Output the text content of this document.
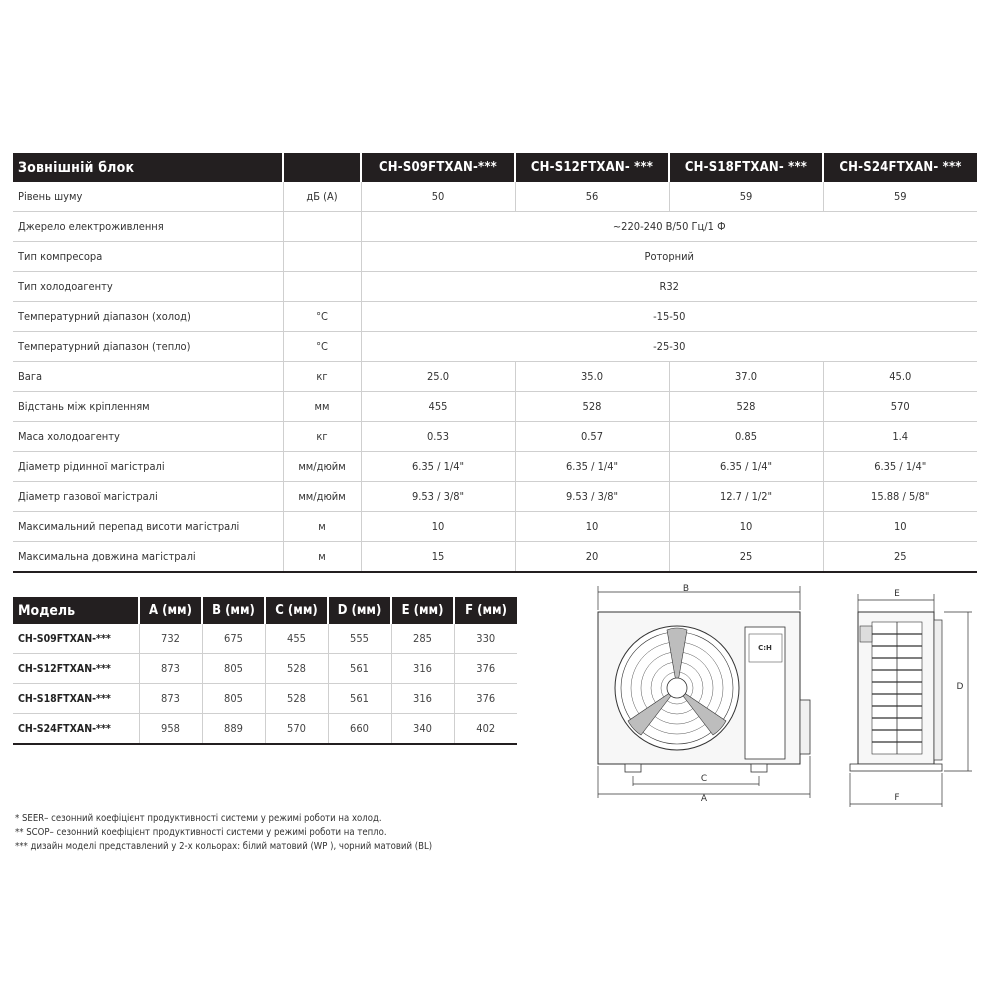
Зовнішній блок		CH-S09FTXAN-***	CH-S12FTXAN- ***	CH-S18FTXAN- ***	CH-S24FTXAN- ***
Рівень шуму	дБ (А)	50	56	59	59
Джерело електроживлення		~220-240 В/50 Гц/1 Ф			
Тип компресора		Роторний			
Тип холодоагенту		R32			
Температурний діапазон (холод)	°C	-15-50			
Температурний діапазон (тепло)	°C	-25-30			
Вага	кг	25.0	35.0	37.0	45.0
Відстань між кріпленням	мм	455	528	528	570
Маса холодоагенту	кг	0.53	0.57	0.85	1.4
Діаметр рідинної магістралі	мм/дюйм	6.35 / 1/4"	6.35 / 1/4"	6.35 / 1/4"	6.35 / 1/4"
Діаметр газової магістралі	мм/дюйм	9.53 / 3/8"	9.53 / 3/8"	12.7 / 1/2"	15.88 / 5/8"
Максимальний перепад висоти магістралі	м	10	10	10	10
Максимальна довжина магістралі	м	15	20	25	25
Модель	A (мм)	B (мм)	C (мм)	D (мм)	E (мм)	F (мм)
CH-S09FTXAN-***	732	675	455	555	285	330
CH-S12FTXAN-***	873	805	528	561	316	376
CH-S18FTXAN-***	873	805	528	561	316	376
CH-S24FTXAN-***	958	889	570	660	340	402
* SEER– сезонний коефіцієнт продуктивності системи у режимі роботи на холод.
** SCOP– сезонний коефіцієнт продуктивності системи у режимі роботи на тепло.
*** дизайн моделі представлений у 2-х кольорах: білий матовий (WP ), чорний матовий (BL)
B
C:H
C
A
E
D
F
